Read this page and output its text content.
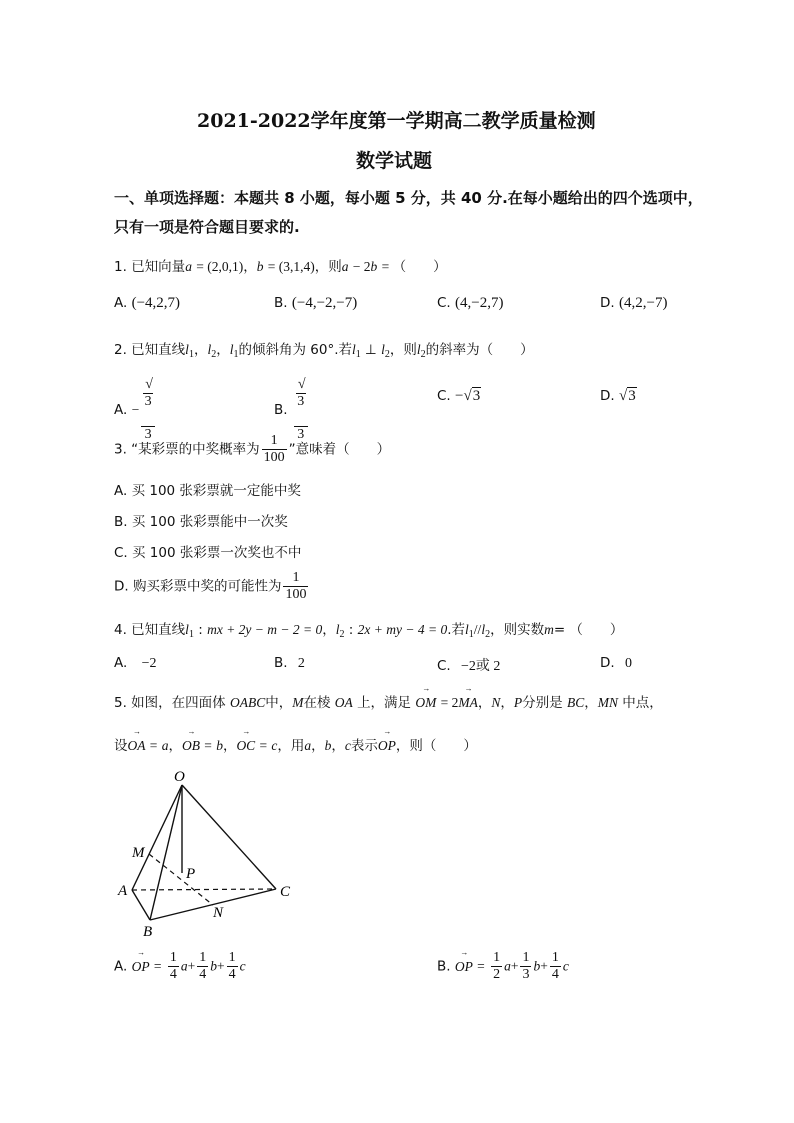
2021-2022学年度第一学期高二教学质量检测
数学试题
一、单项选择题：本题共 8 小题，每小题 5 分，共 40 分.在每小题给出的四个选项中，
只有一项是符合题目要求的.
1. 已知向量a = (2,0,1)，b = (3,1,4)，则a − 2b = （　　）
A. (−4,2,7)	B. (−4,−2,−7)	C. (4,−2,7)	D. (4,2,−7)
2. 已知直线$l_1$，$l_2$，$l_1$的倾斜角为 60°.若$l_1$ ⊥ $l_2$，则$l_2$的斜率为（　　）
A. − √
3
3	B. √
3
3	C. −√3	D. √3
3. “某彩票的中奖概率为 $\frac{1}{100}$ ”意味着（　　）
A. 买 100 张彩票就一定能中奖
B. 买 100 张彩票能中一次奖
C. 买 100 张彩票一次奖也不中
D. 购买彩票中奖的可能性为 $\frac{1}{100}$
4. 已知直线$l_1$ : mx + 2y − m − 2 = 0，$l_2$ : 2x + my − 4 = 0.若$l_1//l_2$，则实数m= （　　）
A. −2	B. 2	C. −2或 2	D. 0
5. 如图，在四面体 OABC中，M在棱 OA 上，满足
→
OM = 2
→
MA，N，P分别是 BC，MN 中点，
设
→
OA = a，
→
OB = b，
→
OC = c，用a，b，c表示
→
OP，则（　　）
O
M
P
A	C
N
B
A.
→
OP = $\frac{1}{4} a+ \frac{1}{4} b+ \frac{1}{4}$ c	B.
→
OP = $\frac{1}{2} a+ \frac{1}{3} b+ \frac{1}{4}$ c
